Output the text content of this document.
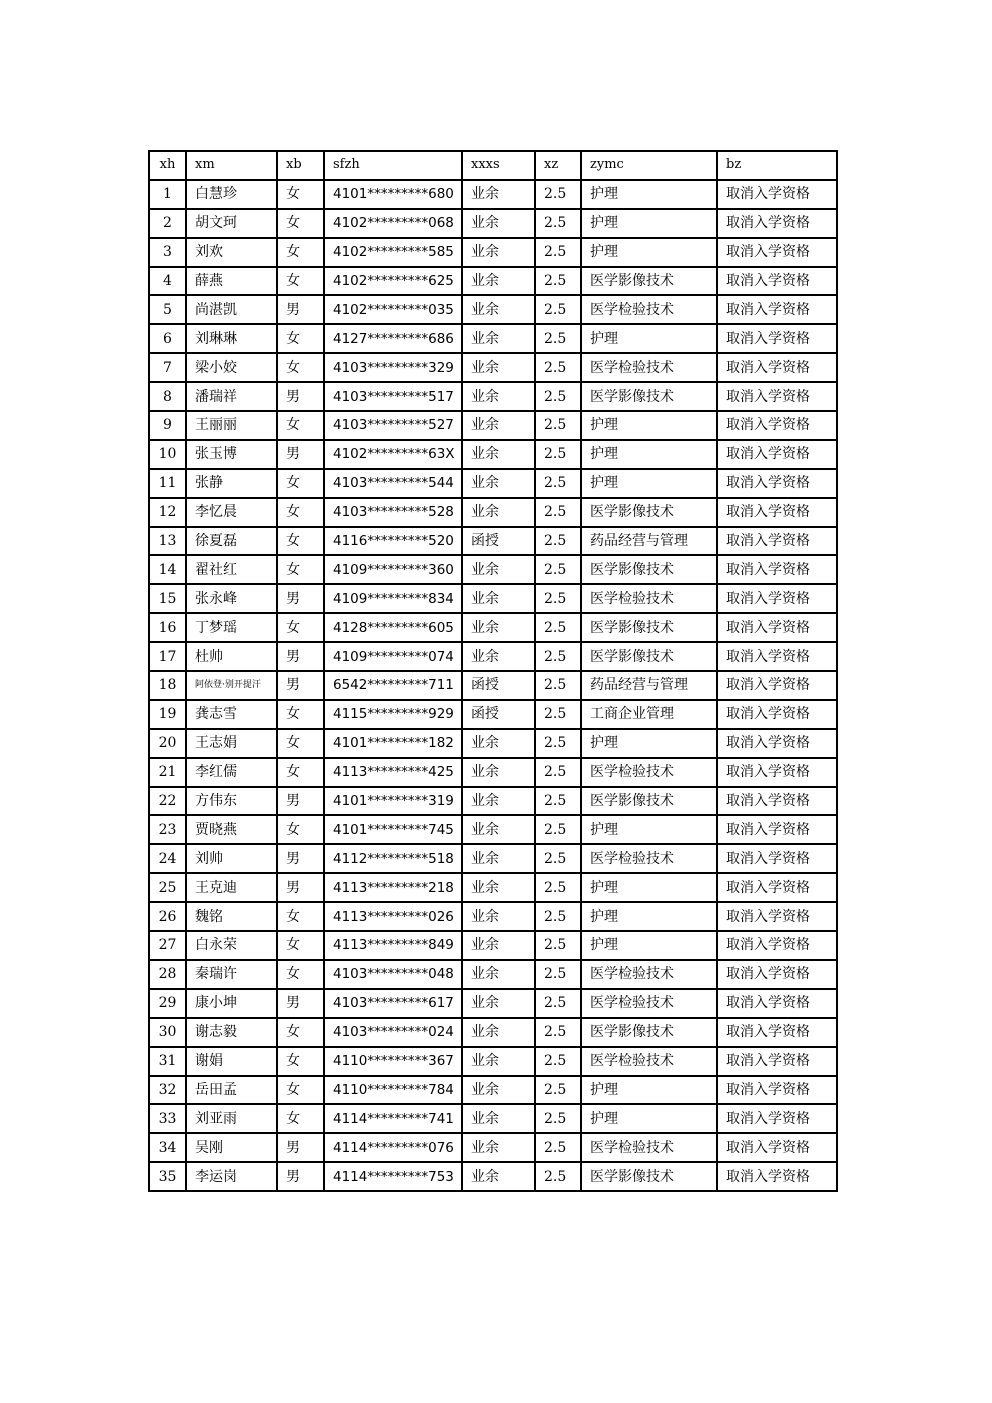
xh	xm	xb	sfzh	xxxs	xz	zymc	bz
1	白慧珍	女	4101*********680	业余	2.5	护理	取消入学资格
2	胡文珂	女	4102*********068	业余	2.5	护理	取消入学资格
3	刘欢	女	4102*********585	业余	2.5	护理	取消入学资格
4	薛燕	女	4102*********625	业余	2.5	医学影像技术	取消入学资格
5	尚湛凯	男	4102*********035	业余	2.5	医学检验技术	取消入学资格
6	刘琳琳	女	4127*********686	业余	2.5	护理	取消入学资格
7	梁小姣	女	4103*********329	业余	2.5	医学检验技术	取消入学资格
8	潘瑞祥	男	4103*********517	业余	2.5	医学影像技术	取消入学资格
9	王丽丽	女	4103*********527	业余	2.5	护理	取消入学资格
10	张玉博	男	4102*********63X	业余	2.5	护理	取消入学资格
11	张静	女	4103*********544	业余	2.5	护理	取消入学资格
12	李忆晨	女	4103*********528	业余	2.5	医学影像技术	取消入学资格
13	徐夏磊	女	4116*********520	函授	2.5	药品经营与管理	取消入学资格
14	翟社红	女	4109*********360	业余	2.5	医学影像技术	取消入学资格
15	张永峰	男	4109*********834	业余	2.5	医学检验技术	取消入学资格
16	丁梦瑶	女	4128*********605	业余	2.5	医学影像技术	取消入学资格
17	杜帅	男	4109*********074	业余	2.5	医学影像技术	取消入学资格
18	阿依登·别开提汗	男	6542*********711	函授	2.5	药品经营与管理	取消入学资格
19	龚志雪	女	4115*********929	函授	2.5	工商企业管理	取消入学资格
20	王志娟	女	4101*********182	业余	2.5	护理	取消入学资格
21	李红儒	女	4113*********425	业余	2.5	医学检验技术	取消入学资格
22	方伟东	男	4101*********319	业余	2.5	医学影像技术	取消入学资格
23	贾晓燕	女	4101*********745	业余	2.5	护理	取消入学资格
24	刘帅	男	4112*********518	业余	2.5	医学检验技术	取消入学资格
25	王克迪	男	4113*********218	业余	2.5	护理	取消入学资格
26	魏铭	女	4113*********026	业余	2.5	护理	取消入学资格
27	白永荣	女	4113*********849	业余	2.5	护理	取消入学资格
28	秦瑞许	女	4103*********048	业余	2.5	医学检验技术	取消入学资格
29	康小坤	男	4103*********617	业余	2.5	医学检验技术	取消入学资格
30	谢志毅	女	4103*********024	业余	2.5	医学影像技术	取消入学资格
31	谢娟	女	4110*********367	业余	2.5	医学检验技术	取消入学资格
32	岳田孟	女	4110*********784	业余	2.5	护理	取消入学资格
33	刘亚雨	女	4114*********741	业余	2.5	护理	取消入学资格
34	吴刚	男	4114*********076	业余	2.5	医学检验技术	取消入学资格
35	李运岗	男	4114*********753	业余	2.5	医学影像技术	取消入学资格
